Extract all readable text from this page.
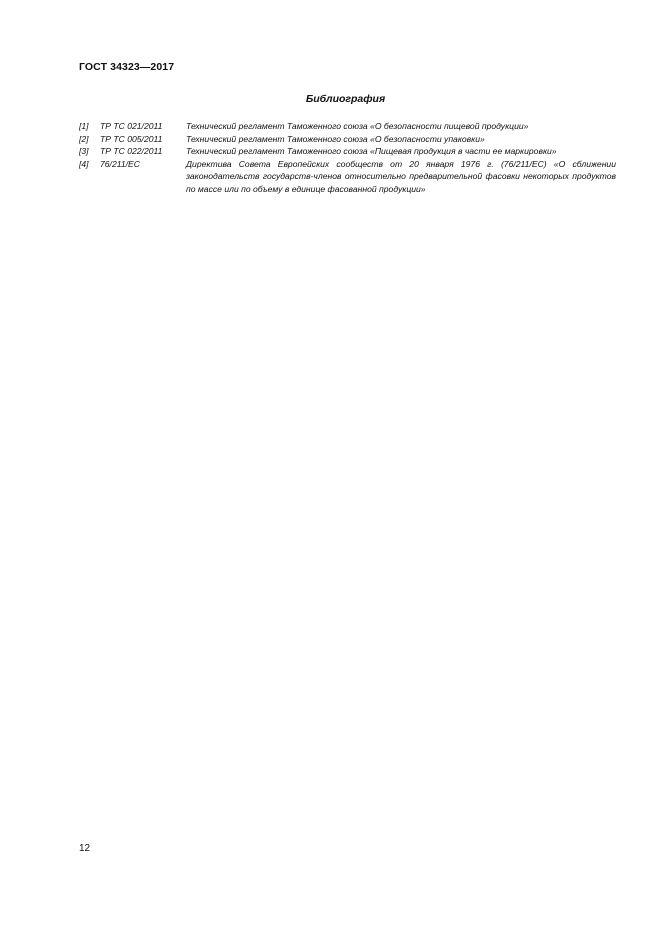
ГОСТ 34323—2017
Библиография
[1]	ТР ТС 021/2011	Технический регламент Таможенного союза «О безопасности пищевой продукции»
[2]	ТР ТС 005/2011	Технический регламент Таможенного союза «О безопасности упаковки»
[3]	ТР ТС 022/2011	Технический регламент Таможенного союза «Пищевая продукция в части ее маркировки»
[4]	76/211/EC	Директива Совета Европейских сообществ от 20 января 1976 г. (76/211/EC) «О сближении законодательств государств-членов относительно предварительной фасовки некоторых продуктов по массе или по объему в единице фасованной продукции»
12
